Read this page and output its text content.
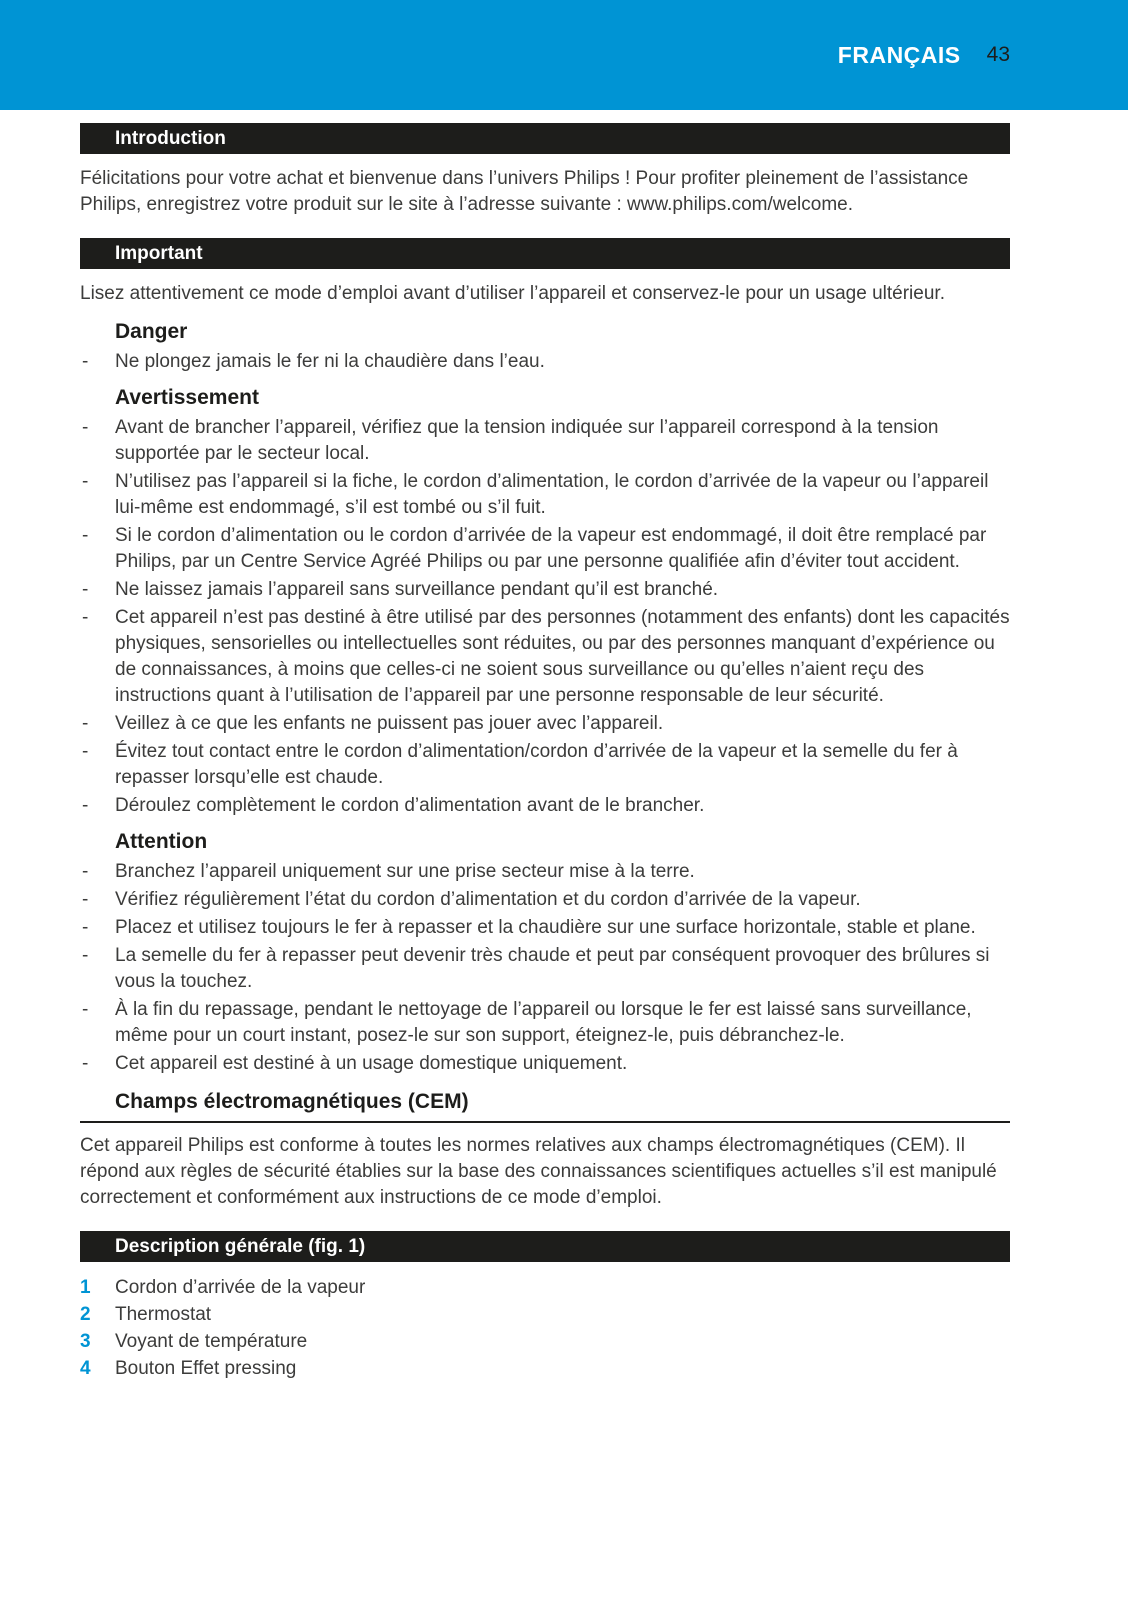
FRANÇAIS 43
Introduction

Félicitations pour votre achat et bienvenue dans l’univers Philips ! Pour profiter pleinement de l’assistance Philips, enregistrez votre produit sur le site à l’adresse suivante : www.philips.com/welcome.

Important

Lisez attentivement ce mode d’emploi avant d’utiliser l’appareil et conservez-le pour un usage ultérieur.

Danger
- Ne plongez jamais le fer ni la chaudière dans l’eau.
Avertissement
- Avant de brancher l’appareil, vérifiez que la tension indiquée sur l’appareil correspond à la tension supportée par le secteur local.
- N’utilisez pas l’appareil si la fiche, le cordon d’alimentation, le cordon d’arrivée de la vapeur ou l’appareil lui-même est endommagé, s’il est tombé ou s’il fuit.
- Si le cordon d’alimentation ou le cordon d’arrivée de la vapeur est endommagé, il doit être remplacé par Philips, par un Centre Service Agréé Philips ou par une personne qualifiée afin d’éviter tout accident.
- Ne laissez jamais l’appareil sans surveillance pendant qu’il est branché.
- Cet appareil n’est pas destiné à être utilisé par des personnes (notamment des enfants) dont les capacités physiques, sensorielles ou intellectuelles sont réduites, ou par des personnes manquant d’expérience ou de connaissances, à moins que celles-ci ne soient sous surveillance ou qu’elles n’aient reçu des instructions quant à l’utilisation de l’appareil par une personne responsable de leur sécurité.
- Veillez à ce que les enfants ne puissent pas jouer avec l’appareil.
- Évitez tout contact entre le cordon d’alimentation/cordon d’arrivée de la vapeur et la semelle du fer à repasser lorsqu’elle est chaude.
- Déroulez complètement le cordon d’alimentation avant de le brancher.
Attention
- Branchez l’appareil uniquement sur une prise secteur mise à la terre.
- Vérifiez régulièrement l’état du cordon d’alimentation et du cordon d’arrivée de la vapeur.
- Placez et utilisez toujours le fer à repasser et la chaudière sur une surface horizontale, stable et plane.
- La semelle du fer à repasser peut devenir très chaude et peut par conséquent provoquer des brûlures si vous la touchez.
- À la fin du repassage, pendant le nettoyage de l’appareil ou lorsque le fer est laissé sans surveillance, même pour un court instant, posez-le sur son support, éteignez-le, puis débranchez-le.
- Cet appareil est destiné à un usage domestique uniquement.
Champs électromagnétiques (CEM)

Cet appareil Philips est conforme à toutes les normes relatives aux champs électromagnétiques (CEM). Il répond aux règles de sécurité établies sur la base des connaissances scientifiques actuelles s’il est manipulé correctement et conformément aux instructions de ce mode d’emploi.

Description générale (fig. 1)
1	Cordon d’arrivée de la vapeur
2	Thermostat
3	Voyant de température
4	Bouton Effet pressing
